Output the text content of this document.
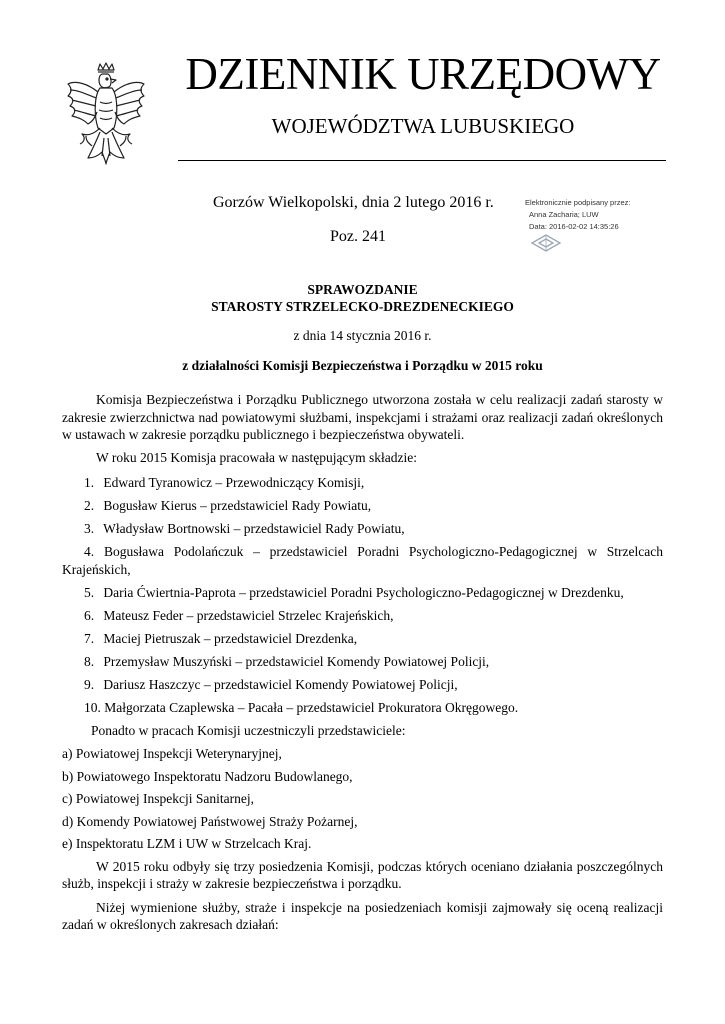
DZIENNIK URZĘDOWY
WOJEWÓDZTWA LUBUSKIEGO
Gorzów Wielkopolski, dnia 2 lutego 2016 r.
Poz. 241
Elektronicznie podpisany przez:
Anna Zacharia; LUW
Data: 2016-02-02 14:35:26
SPRAWOZDANIE
STAROSTY STRZELECKO-DREZDENECKIEGO
z dnia 14 stycznia 2016 r.
z działalności Komisji Bezpieczeństwa i Porządku w 2015 roku

Komisja Bezpieczeństwa i Porządku Publicznego utworzona została w celu realizacji zadań starosty w zakresie zwierzchnictwa nad powiatowymi służbami, inspekcjami i strażami oraz realizacji zadań określonych w ustawach w zakresie porządku publicznego i bezpieczeństwa obywateli.

W roku 2015 Komisja pracowała w następującym składzie:

1. Edward Tyranowicz – Przewodniczący Komisji,
2. Bogusław Kierus – przedstawiciel Rady Powiatu,
3. Władysław Bortnowski – przedstawiciel Rady Powiatu,
4. Bogusława Podolańczuk – przedstawiciel Poradni Psychologiczno-Pedagogicznej w Strzelcach Krajeńskich,
5. Daria Ćwiertnia-Paprota – przedstawiciel Poradni Psychologiczno-Pedagogicznej w Drezdenku,
6. Mateusz Feder – przedstawiciel Strzelec Krajeńskich,
7. Maciej Pietruszak – przedstawiciel Drezdenka,
8. Przemysław Muszyński – przedstawiciel Komendy Powiatowej Policji,
9. Dariusz Haszczyc – przedstawiciel Komendy Powiatowej Policji,
10. Małgorzata Czaplewska – Pacała – przedstawiciel Prokuratora Okręgowego.

Ponadto w pracach Komisji uczestniczyli przedstawiciele:

a) Powiatowej Inspekcji Weterynaryjnej,
b) Powiatowego Inspektoratu Nadzoru Budowlanego,
c) Powiatowej Inspekcji Sanitarnej,
d) Komendy Powiatowej Państwowej Straży Pożarnej,
e) Inspektoratu LZM i UW w Strzelcach Kraj.

W 2015 roku odbyły się trzy posiedzenia Komisji, podczas których oceniano działania poszczególnych służb, inspekcji i straży w zakresie bezpieczeństwa i porządku.

Niżej wymienione służby, straże i inspekcje na posiedzeniach komisji zajmowały się oceną realizacji zadań w określonych zakresach działań:
